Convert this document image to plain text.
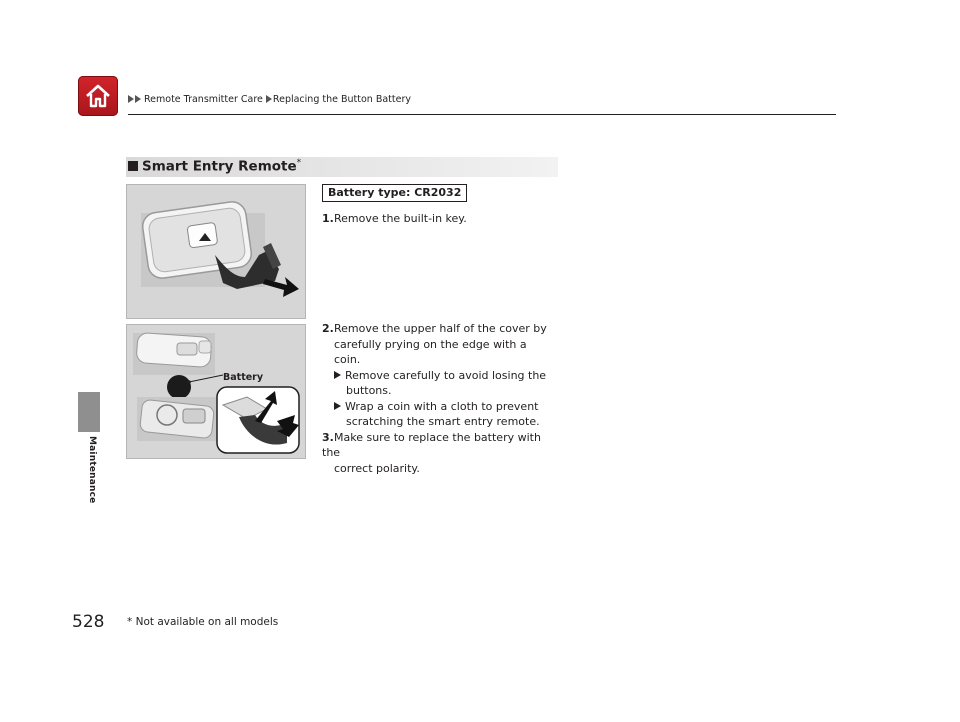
Remote Transmitter Care Replacing the Button Battery
Maintenance
Smart Entry Remote*
Battery
Battery type: CR2032
1.Remove the built-in key.
2.Remove the upper half of the cover by
carefully prying on the edge with a coin.
Remove carefully to avoid losing the
buttons.
Wrap a coin with a cloth to prevent
scratching the smart entry remote.
3.Make sure to replace the battery with the
correct polarity.
528 * Not available on all models
